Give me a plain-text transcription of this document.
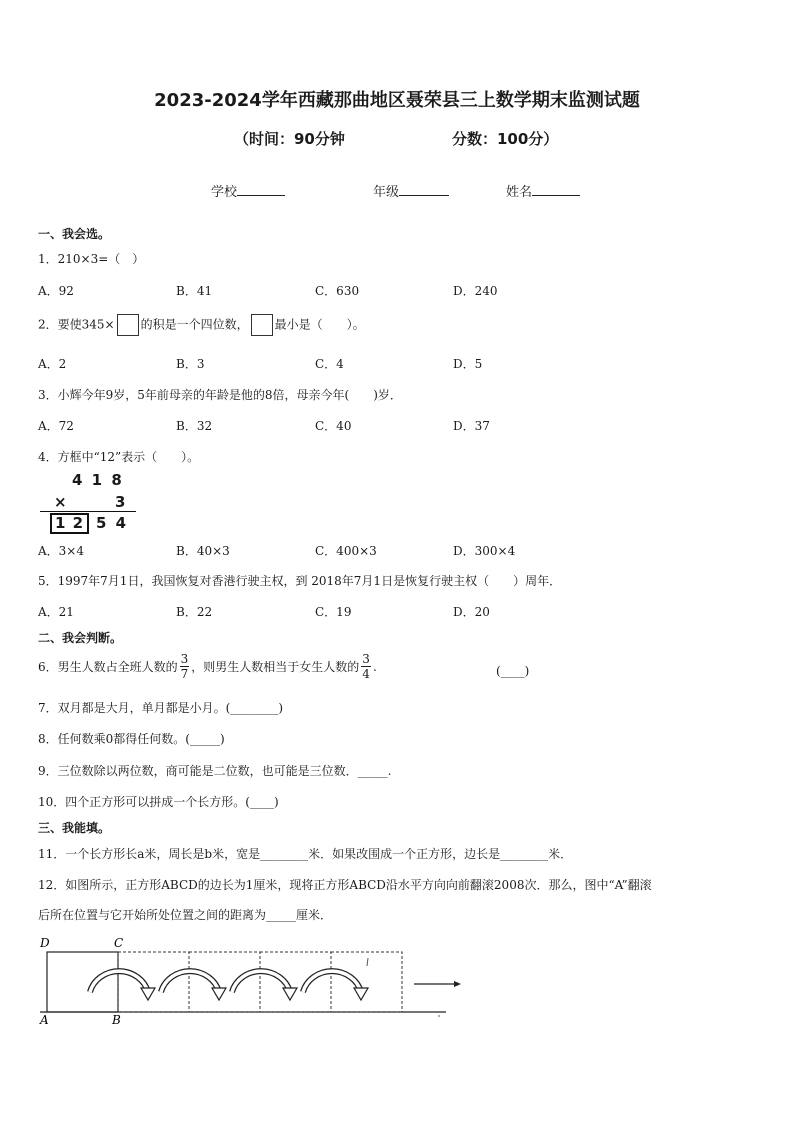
2023-2024学年西藏那曲地区聂荣县三上数学期末监测试题
（时间：90分钟	分数：100分）
学校	年级	姓名
一、我会选。
1．210×3=（　）
A．92	B．41	C．630	D．240
2．要使345× 的积是一个四位数， 最小是（　　）。
A．2	B．3	C．4	D．5
3．小辉今年9岁，5年前母亲的年龄是他的8倍，母亲今年(　　)岁．
A．72	B．32	C．40	D．37
4．方框中“12”表示（　　）。
4 1 8
×	3
1 2 5 4
A．3×4	B．40×3	C．400×3	D．300×4
5．1997年7月1日，我国恢复对香港行驶主权，到 2018年7月1日是恢复行驶主权（　　）周年．
A．21	B．22	C．19	D．20
二、我会判断。
6．男生人数占全班人数的 $\frac{3}{7}$ ，则男生人数相当于女生人数的 $\frac{3}{4}$ .	(____)
7．双月都是大月，单月都是小月。(________)
8．任何数乘0都得任何数。(_____)
9．三位数除以两位数，商可能是二位数，也可能是三位数．_____.
10．四个正方形可以拼成一个长方形。(____)
三、我能填。
11．一个长方形长a米，周长是b米，宽是________米．如果改围成一个正方形，边长是________米．
12．如图所示，正方形ABCD的边长为1厘米，现将正方形ABCD沿水平方向向前翻滚2008次．那么，图中“A”翻滚
后所在位置与它开始所处位置之间的距离为_____厘米．
D	C
A	B
